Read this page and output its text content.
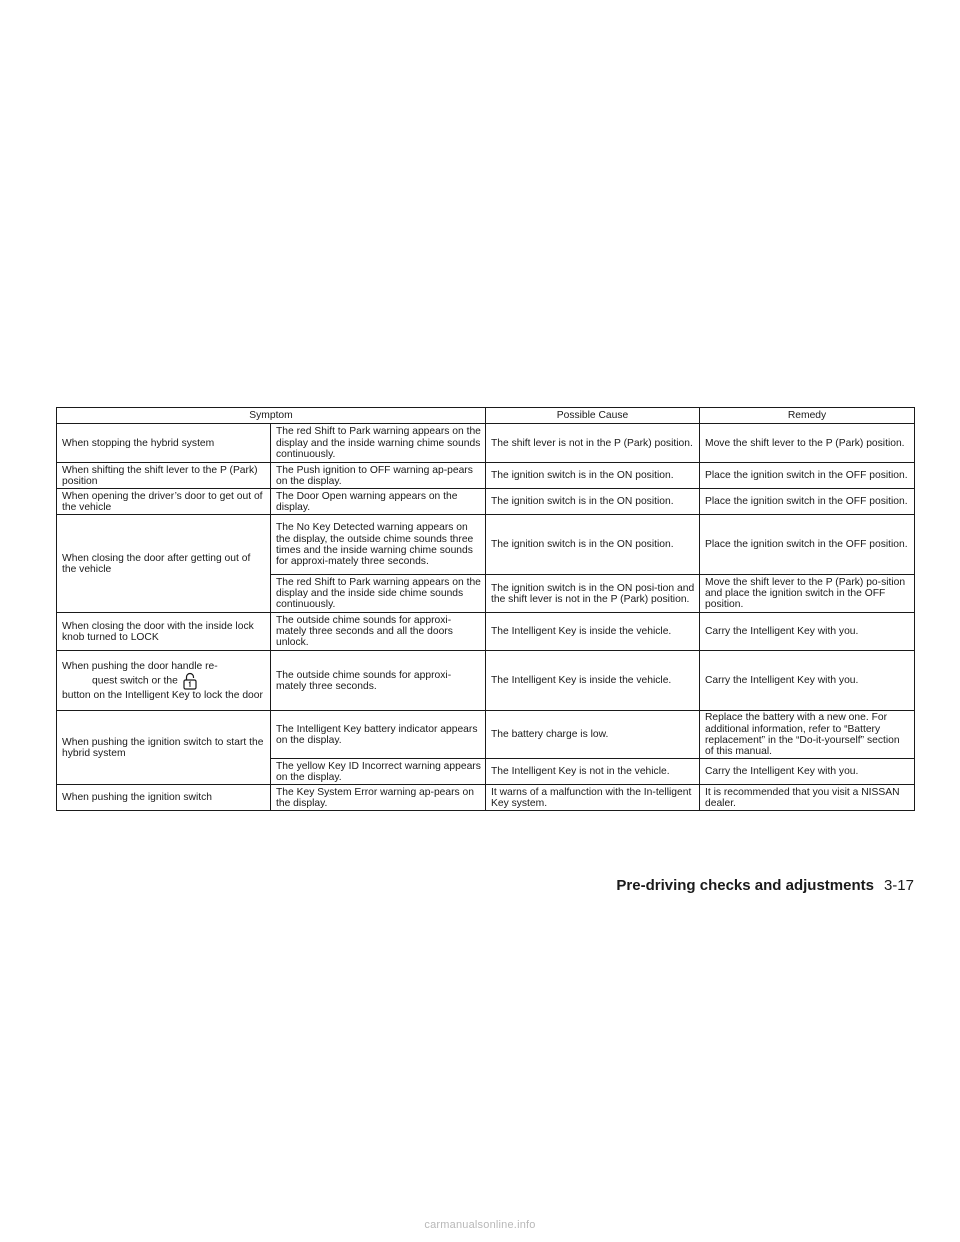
Symptom		Possible Cause	Remedy
When stopping the hybrid system	The red Shift to Park warning appears on the display and the inside warning chime sounds continuously.	The shift lever is not in the P (Park) position.	Move the shift lever to the P (Park) position.
When shifting the shift lever to the P (Park) position	The Push ignition to OFF warning ap-pears on the display.	The ignition switch is in the ON position.	Place the ignition switch in the OFF position.
When opening the driver’s door to get out of the vehicle	The Door Open warning appears on the display.	The ignition switch is in the ON position.	Place the ignition switch in the OFF position.
When closing the door after getting out of the vehicle	The No Key Detected warning appears on the display, the outside chime sounds three times and the inside warning chime sounds for approxi-mately three seconds.	The ignition switch is in the ON position.	Place the ignition switch in the OFF position.
	The red Shift to Park warning appears on the display and the inside side chime sounds continuously.	The ignition switch is in the ON posi-tion and the shift lever is not in the P (Park) position.	Move the shift lever to the P (Park) po-sition and place the ignition switch in the OFF position.
When closing the door with the inside lock knob turned to LOCK	The outside chime sounds for approxi-mately three seconds and all the doors unlock.	The Intelligent Key is inside the vehicle.	Carry the Intelligent Key with you.

When pushing the door handle re-
quest switch or the
button on the Intelligent Key to lock the door	The outside chime sounds for approxi-mately three seconds.	The Intelligent Key is inside the vehicle.	Carry the Intelligent Key with you.
When pushing the ignition switch to start the hybrid system	The Intelligent Key battery indicator appears on the display.	The battery charge is low.	Replace the battery with a new one. For additional information, refer to “Battery replacement” in the “Do-it-yourself” section of this manual.
	The yellow Key ID Incorrect warning appears on the display.	The Intelligent Key is not in the vehicle.	Carry the Intelligent Key with you.
When pushing the ignition switch	The Key System Error warning ap-pears on the display.	It warns of a malfunction with the In-telligent Key system.	It is recommended that you visit a NISSAN dealer.
Pre-driving checks and adjustments 3-17
carmanualsonline.info
